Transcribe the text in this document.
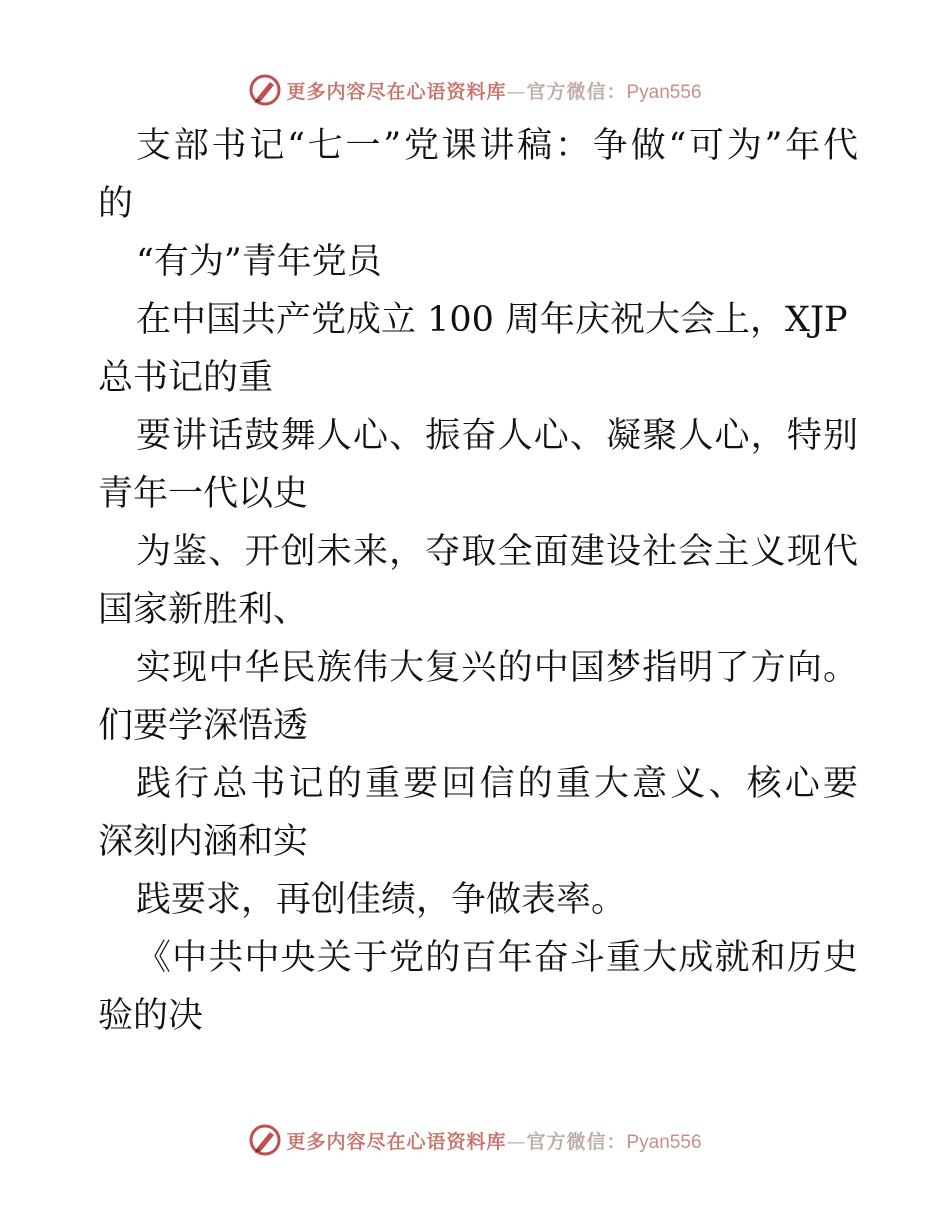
更多内容尽在心语资料库—官方微信：Pyan556
支部书记“七一”党课讲稿：争做“可为”年代
的
“有为”青年党员
在中国共产党成立 100 周年庆祝大会上，XJP
总书记的重
要讲话鼓舞人心、振奋人心、凝聚人心，特别
青年一代以史
为鉴、开创未来，夺取全面建设社会主义现代
国家新胜利、
实现中华民族伟大复兴的中国梦指明了方向。
们要学深悟透
践行总书记的重要回信的重大意义、核心要
深刻内涵和实
践要求，再创佳绩，争做表率。
《中共中央关于党的百年奋斗重大成就和历史
验的决
更多内容尽在心语资料库—官方微信：Pyan556
